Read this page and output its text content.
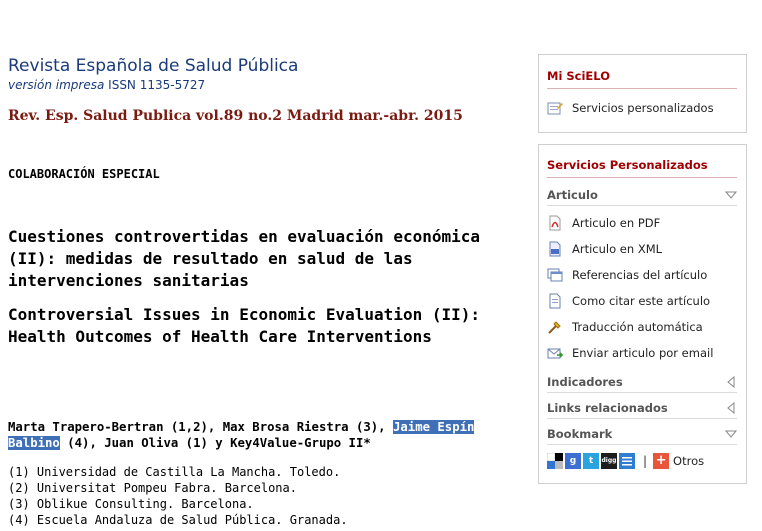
Revista Española de Salud Pública
versión impresa ISSN 1135-5727
Rev. Esp. Salud Publica vol.89 no.2 Madrid mar.-abr. 2015
COLABORACIÓN ESPECIAL
Cuestiones controvertidas en evaluación económica (II): medidas de resultado en salud de las intervenciones sanitarias
Controversial Issues in Economic Evaluation (II): Health Outcomes of Health Care Interventions
Marta Trapero-Bertran (1,2), Max Brosa Riestra (3), Jaime Espín Balbino (4), Juan Oliva (1) y Key4Value-Grupo II*
(1) Universidad de Castilla La Mancha. Toledo.
(2) Universitat Pompeu Fabra. Barcelona.
(3) Oblikue Consulting. Barcelona.
(4) Escuela Andaluza de Salud Pública. Granada.
Mi SciELO
Servicios personalizados
Servicios Personalizados
Articulo
Articulo en PDF
Articulo en XML
Referencias del artículo
Como citar este artículo
Traducción automática
Enviar articulo por email
Indicadores
Links relacionados
Bookmark
g	t	digg | + Otros
